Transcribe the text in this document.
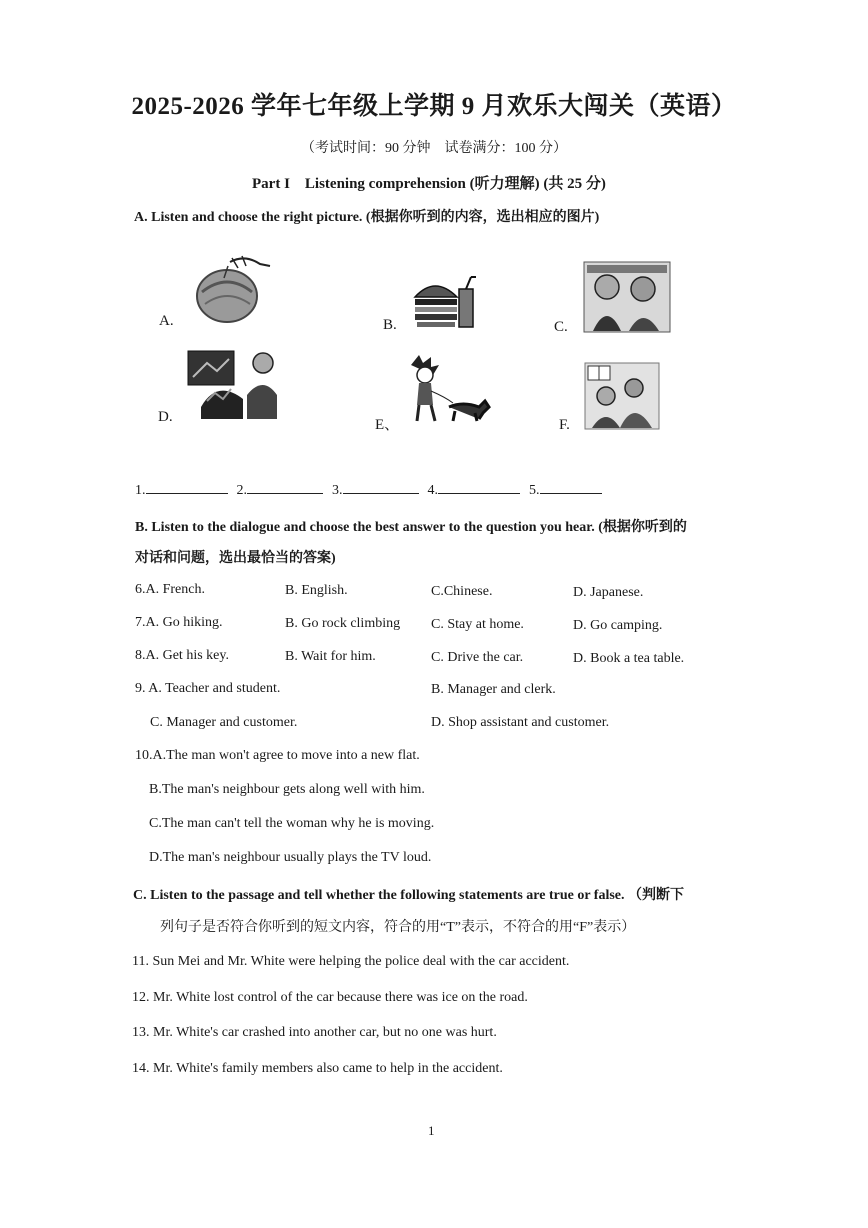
2025-2026 学年七年级上学期 9 月欢乐大闯关（英语）
（考试时间：90 分钟　试卷满分：100 分）
Part I　Listening comprehension (听力理解) (共 25 分)
A. Listen and choose the right picture. (根据你听到的内容，选出相应的图片)
A.	B.	C.
D.	E、	F.
1.	2.	3.	4.	5.
B. Listen to the dialogue and choose the best answer to the question you hear. (根据你听到的
对话和问题，选出最恰当的答案)
6.A. French.	B. English.	C.Chinese.	D. Japanese.
7.A. Go hiking.	B. Go rock climbing C. Stay at home.	D. Go camping.
8.A. Get his key.	B. Wait for him.	C. Drive the car.	D. Book a tea table.
9. A. Teacher and student.	B. Manager and clerk.
C. Manager and customer.	D. Shop assistant and customer.
10.A.The man won't agree to move into a new flat.
B.The man's neighbour gets along well with him.
C.The man can't tell the woman why he is moving.
D.The man's neighbour usually plays the TV loud.
C. Listen to the passage and tell whether the following statements are true or false. （判断下
列句子是否符合你听到的短文内容，符合的用“T”表示，不符合的用“F”表示）
11. Sun Mei and Mr. White were helping the police deal with the car accident.
12. Mr. White lost control of the car because there was ice on the road.
13. Mr. White's car crashed into another car, but no one was hurt.
14. Mr. White's family members also came to help in the accident.
1
